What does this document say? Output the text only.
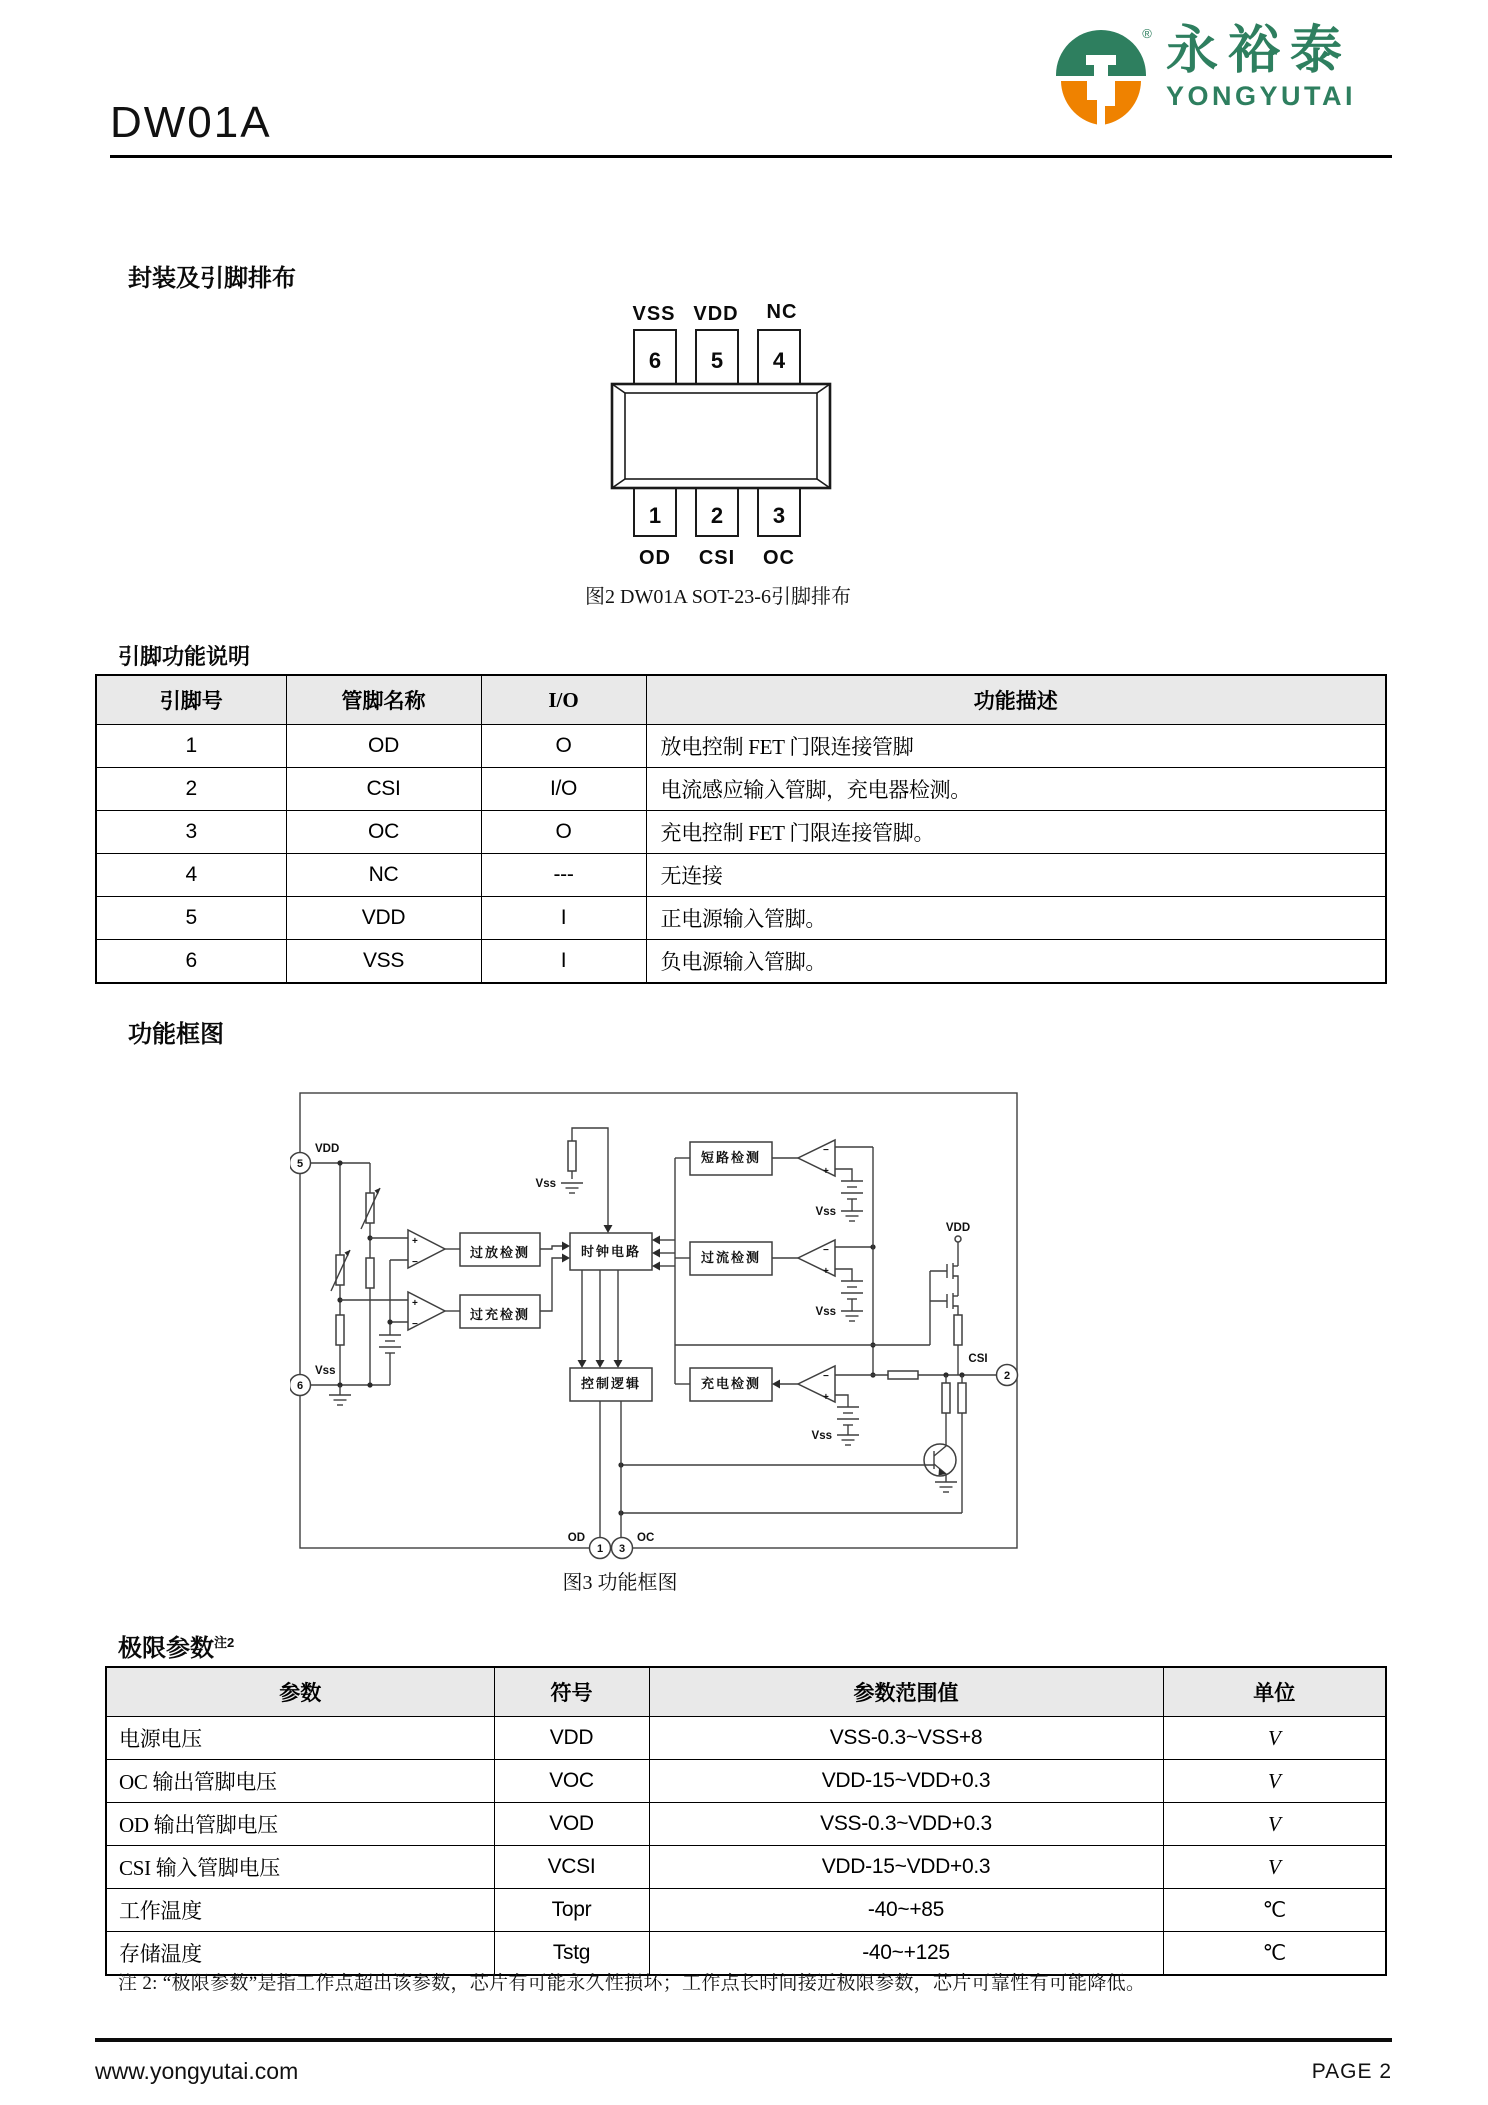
DW01A
® 永裕泰
YONGYUTAI
封装及引脚排布
VSS VDD NC
6 5 4
1 2 3
OD CSI OC
图2 DW01A SOT-23-6引脚排布
引脚功能说明
引脚号	管脚名称	I/O	功能描述
1	OD	O	放电控制 FET 门限连接管脚
2	CSI	I/O	电流感应输入管脚，充电器检测。
3	OC	O	充电控制 FET 门限连接管脚。
4	NC	---	无连接
5	VDD	I	正电源输入管脚。
6	VSS	I	负电源输入管脚。
功能框图
5
VDD
6
Vss
+
−
+
−
过放检测
过充检测
时钟电路
Vss
短路检测	−
+
Vss
过流检测	−
+
Vss
充电检测	−
+
Vss
2
CSI
VDD
控制逻辑
1 3
OD	OC
图3 功能框图
极限参数$^{注2}$
参数	符号	参数范围值	单位
电源电压	VDD	VSS-0.3~VSS+8	V
OC 输出管脚电压	VOC	VDD-15~VDD+0.3	V
OD 输出管脚电压	VOD	VSS-0.3~VDD+0.3	V
CSI 输入管脚电压	VCSI	VDD-15~VDD+0.3	V
工作温度	Topr	-40~+85	℃
存储温度	Tstg	-40~+125	℃
注 2: “极限参数”是指工作点超出该参数，芯片有可能永久性损坏；工作点长时间接近极限参数，芯片可靠性有可能降低。
www.yongyutai.com	PAGE 2
